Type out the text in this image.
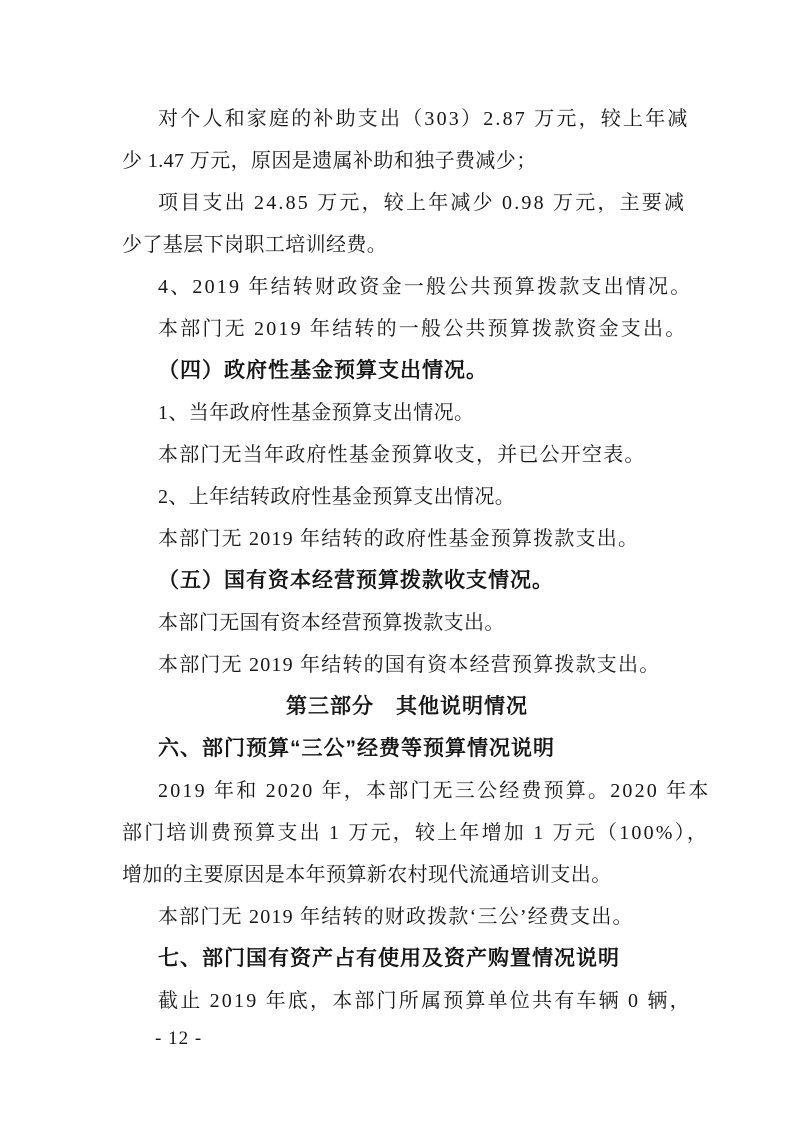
对个人和家庭的补助支出（303）2.87 万元，较上年减
少 1.47 万元，原因是遗属补助和独子费减少；
项目支出 24.85 万元，较上年减少 0.98 万元，主要减
少了基层下岗职工培训经费。
4、2019 年结转财政资金一般公共预算拨款支出情况。
本部门无 2019 年结转的一般公共预算拨款资金支出。
（四）政府性基金预算支出情况。
1、当年政府性基金预算支出情况。
本部门无当年政府性基金预算收支，并已公开空表。
2、上年结转政府性基金预算支出情况。
本部门无 2019 年结转的政府性基金预算拨款支出。
（五）国有资本经营预算拨款收支情况。
本部门无国有资本经营预算拨款支出。
本部门无 2019 年结转的国有资本经营预算拨款支出。
第三部分　其他说明情况
六、部门预算“三公”经费等预算情况说明
2019 年和 2020 年，本部门无三公经费预算。2020 年本
部门培训费预算支出 1 万元，较上年增加 1 万元（100%），
增加的主要原因是本年预算新农村现代流通培训支出。
本部门无 2019 年结转的财政拨款‘三公’经费支出。
七、部门国有资产占有使用及资产购置情况说明
截止 2019 年底，本部门所属预算单位共有车辆 0 辆，
- 12 -
